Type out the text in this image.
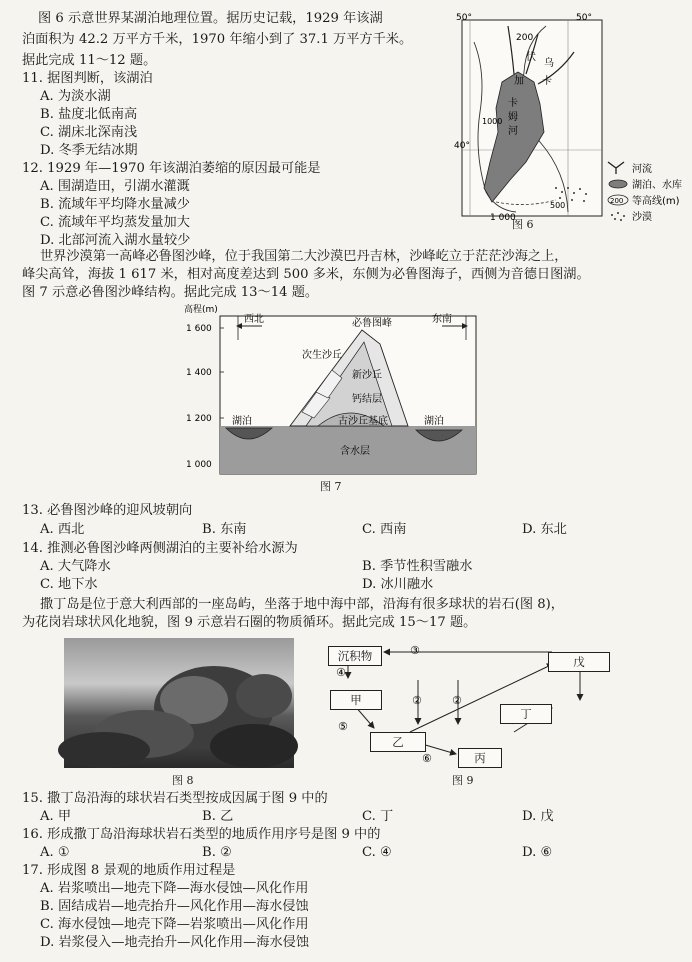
图 6 示意世界某湖泊地理位置。据历史记载，1929 年该湖
泊面积为 42.2 万平方千米，1970 年缩小到了 37.1 万平方千米。
据此完成 11～12 题。
11. 据图判断，该湖泊
A. 为淡水湖
B. 盐度北低南高
C. 湖床北深南浅
D. 冬季无结冰期
12. 1929 年—1970 年该湖泊萎缩的原因最可能是
A. 围湖造田，引湖水灌溉
B. 流域年平均降水量减少
C. 流域年平均蒸发量加大
D. 北部河流入湖水量较少
50°	50°
40°
200
1000
1 000
500
伏
加
乌
卡
卡
姆
河
河流
湖泊、水库
200 等高线(m)
沙漠
图 6
世界沙漠第一高峰必鲁图沙峰，位于我国第二大沙漠巴丹吉林，沙峰屹立于茫茫沙海之上，
峰尖高耸，海拔 1 617 米，相对高度差达到 500 多米，东侧为必鲁图海子，西侧为音德日图湖。
图 7 示意必鲁图沙峰结构。据此完成 13～14 题。
高程(m)
1 600
1 400
1 200
1 000
西北	东南
必鲁图峰
次生沙丘
新沙丘
钙结层
古沙丘基底
湖泊	湖泊
含水层
图 7
13. 必鲁图沙峰的迎风坡朝向
A. 西北	B. 东南	C. 西南	D. 东北
14. 推测必鲁图沙峰两侧湖泊的主要补给水源为
A. 大气降水	B. 季节性积雪融水
C. 地下水	D. 冰川融水
撒丁岛是位于意大利西部的一座岛屿，坐落于地中海中部，沿海有很多球状的岩石(图 8)，
为花岗岩球状风化地貌，图 9 示意岩石圈的物质循环。据此完成 15～17 题。
图 8
③
④
⑤
②	②
⑥
沉积物
甲
乙
丙
丁
戊
图 9
15. 撒丁岛沿海的球状岩石类型按成因属于图 9 中的
A. 甲	B. 乙	C. 丁	D. 戊
16. 形成撒丁岛沿海球状岩石类型的地质作用序号是图 9 中的
A. ①	B. ②	C. ④	D. ⑥
17. 形成图 8 景观的地质作用过程是
A. 岩浆喷出—地壳下降—海水侵蚀—风化作用
B. 固结成岩—地壳抬升—风化作用—海水侵蚀
C. 海水侵蚀—地壳下降—岩浆喷出—风化作用
D. 岩浆侵入—地壳抬升—风化作用—海水侵蚀
